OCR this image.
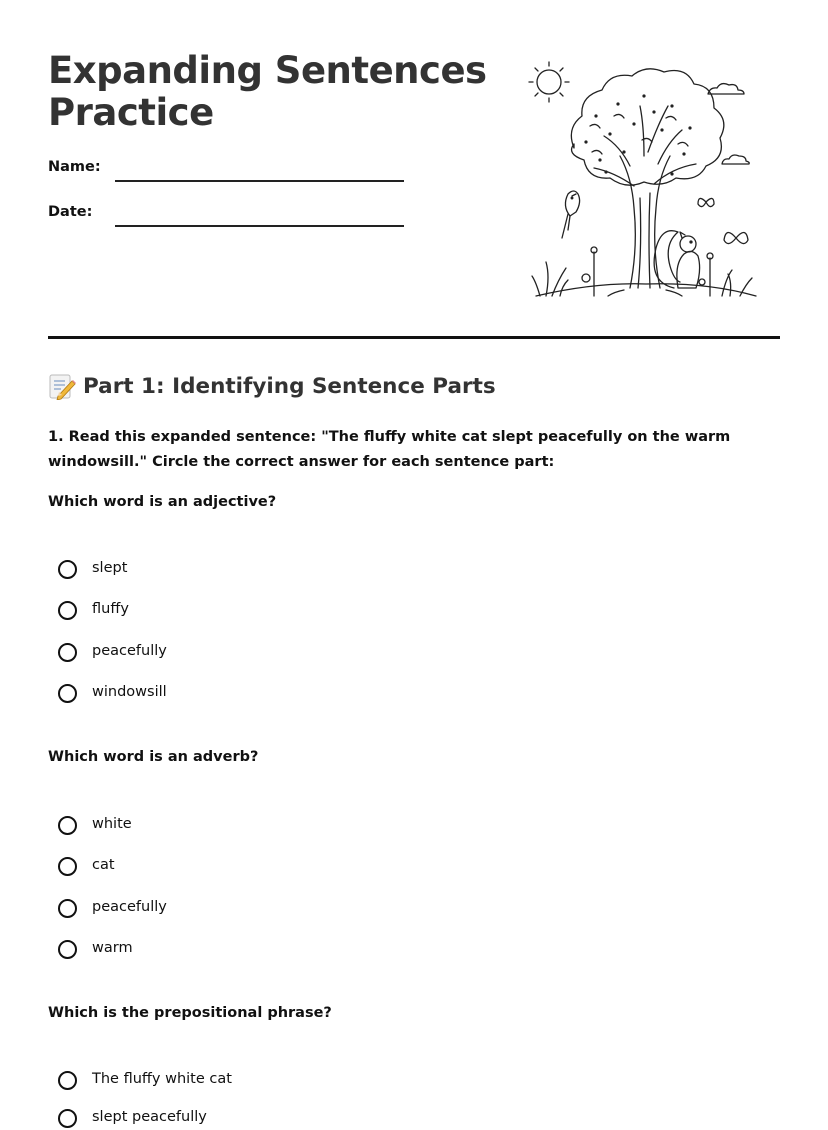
Expanding Sentences Practice
Name:
Date:
Part 1: Identifying Sentence Parts

1. Read this expanded sentence: "The fluffy white cat slept peacefully on the warm windowsill." Circle the correct answer for each sentence part:

Which word is an adjective?

slept
fluffy
peacefully
windowsill

Which word is an adverb?

white
cat
peacefully
warm

Which is the prepositional phrase?

The fluffy white cat
slept peacefully
